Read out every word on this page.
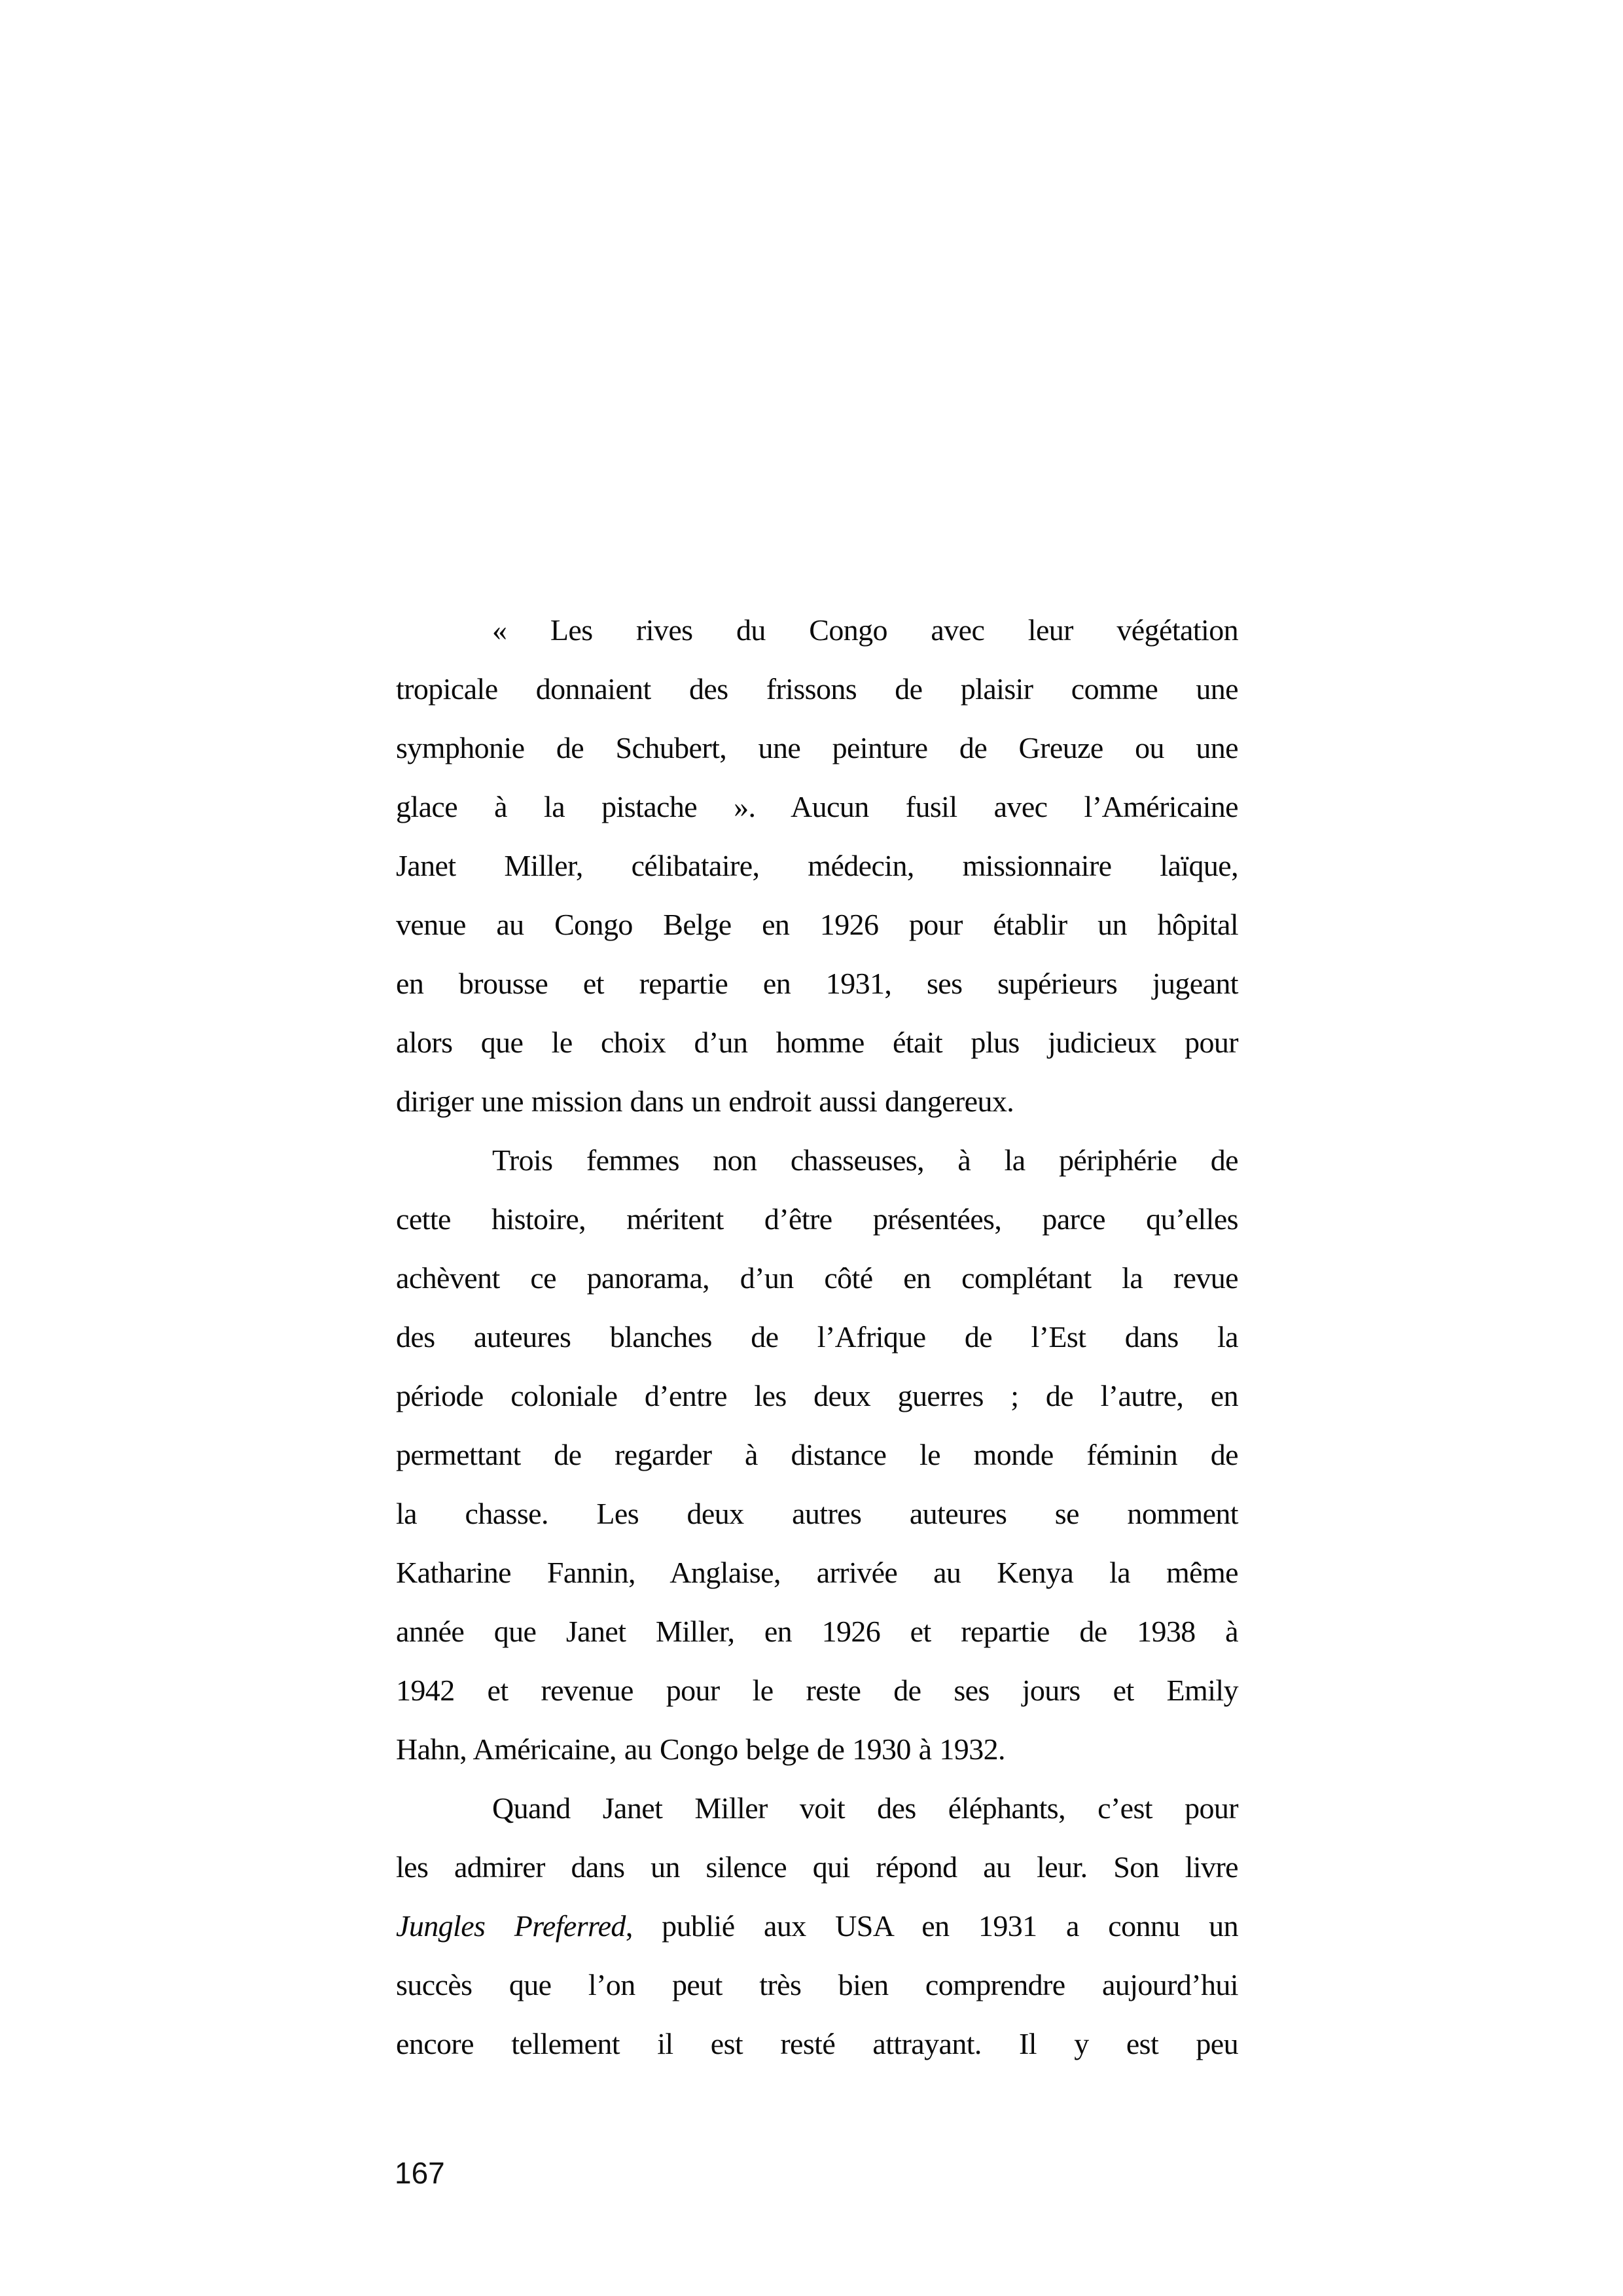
« Les rives du Congo avec leur végétation
tropicale donnaient des frissons de plaisir comme une
symphonie de Schubert, une peinture de Greuze ou une
glace à la pistache ». Aucun fusil avec l’Américaine
Janet Miller, célibataire, médecin, missionnaire laïque,
venue au Congo Belge en 1926 pour établir un hôpital
en brousse et repartie en 1931, ses supérieurs jugeant
alors que le choix d’un homme était plus judicieux pour
diriger une mission dans un endroit aussi dangereux.
Trois femmes non chasseuses, à la périphérie de
cette histoire, méritent d’être présentées, parce qu’elles
achèvent ce panorama, d’un côté en complétant la revue
des auteures blanches de l’Afrique de l’Est dans la
période coloniale d’entre les deux guerres ; de l’autre, en
permettant de regarder à distance le monde féminin de
la chasse. Les deux autres auteures se nomment
Katharine Fannin, Anglaise, arrivée au Kenya la même
année que Janet Miller, en 1926 et repartie de 1938 à
1942 et revenue pour le reste de ses jours et Emily
Hahn, Américaine, au Congo belge de 1930 à 1932.
Quand Janet Miller voit des éléphants, c’est pour
les admirer dans un silence qui répond au leur. Son livre
Jungles Preferred, publié aux USA en 1931 a connu un
succès que l’on peut très bien comprendre aujourd’hui
encore tellement il est resté attrayant. Il y est peu
167
